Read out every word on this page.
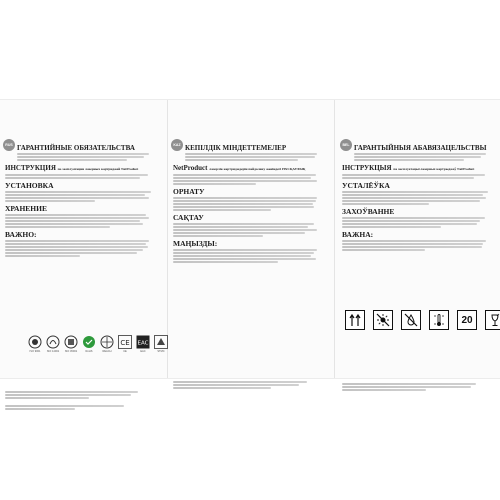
RUS ГАРАНТИЙНЫЕ ОБЯЗАТЕЛЬСТВА
ИНСТРУКЦИЯ по эксплуатации лазерных картриджей NetProduct
УСТАНОВКА
ХРАНЕНИЕ
ВАЖНО:
KAZ КЕПІЛДІК МІНДЕТТЕМЕЛЕР
NetProduct лазерлік картридждерін пайдалану жөніндегі НҰСҚАУЛЫҚ
ОРНАТУ
САҚТАУ
МАҢЫЗДЫ:
BEL ГАРАНТЫЙНЫЯ АБАВЯЗАЦЕЛЬСТВЫ
ІНСТРУКЦЫЯ па эксплуатацыі лазерных картрыджаў NetProduct
УСТАЛЁЎКА
ЗАХОЎВАННЕ
ВАЖНА:
ISO 9001 ISO 14001 ISO 45001	RoHS	REACH
CE
CE
EAC
EAC	STMC
20
